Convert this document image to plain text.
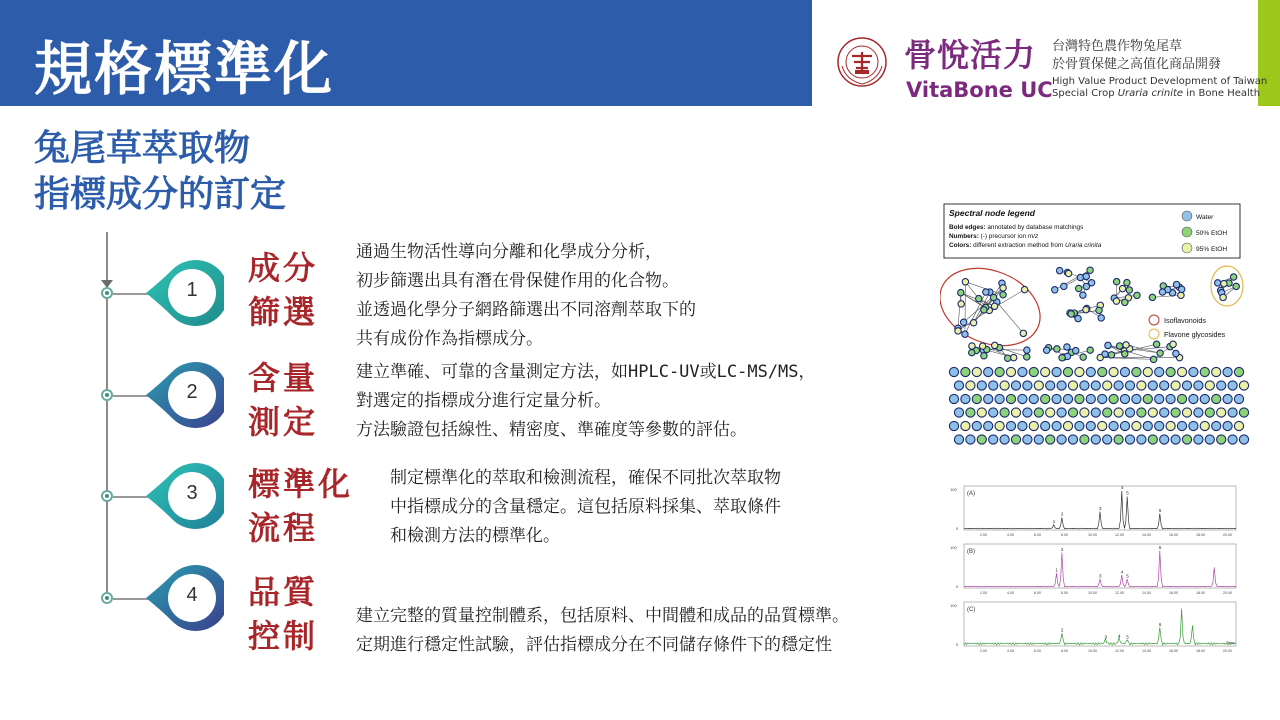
規格標準化	骨悅活力
VitaBone UC
台灣特色農作物兔尾草
於骨質保健之高值化商品開發
High Value Product Development of Taiwan
Special Crop Uraria crinite in Bone Health
兔尾草萃取物
指標成分的訂定
1
成分
篩選
通過生物活性導向分離和化學成分分析，
初步篩選出具有潛在骨保健作用的化合物。
並透過化學分子網路篩選出不同溶劑萃取下的
共有成份作為指標成分。
2 含量
測定
建立準確、可靠的含量測定方法，如HPLC-UV或LC-MS/MS，
對選定的指標成分進行定量分析。
方法驗證包括線性、精密度、準確度等參數的評估。
3 標準化
流程
制定標準化的萃取和檢測流程，確保不同批次萃取物
中指標成分的含量穩定。這包括原料採集、萃取條件
和檢測方法的標準化。
4 品質
控制
建立完整的質量控制體系，包括原料、中間體和成品的品質標準。
定期進行穩定性試驗，評估指標成分在不同儲存條件下的穩定性
Spectral node legend
Bold edges: annotated by database matchings
Numbers: (-) precursor ion m/z
Colors: different extraction method from Uraria crinita
Water
50% EtOH
95% EtOH
Isoflavonoids
Flavone glycosides
(A)
100
0
1
2
3
4
5
6
2.00	4.00	6.00	8.00	10.00	12.00	14.00	16.00	18.00	20.00
(B)
100
0
1
2
3
4
5
6
2.00	4.00	6.00	8.00	10.00	12.00	14.00	16.00	18.00	20.00
(C)
100
0
2
3 4 5
6
2.00	4.00	6.00	8.00	10.00	12.00	14.00	16.00	18.00	20.00
Time
